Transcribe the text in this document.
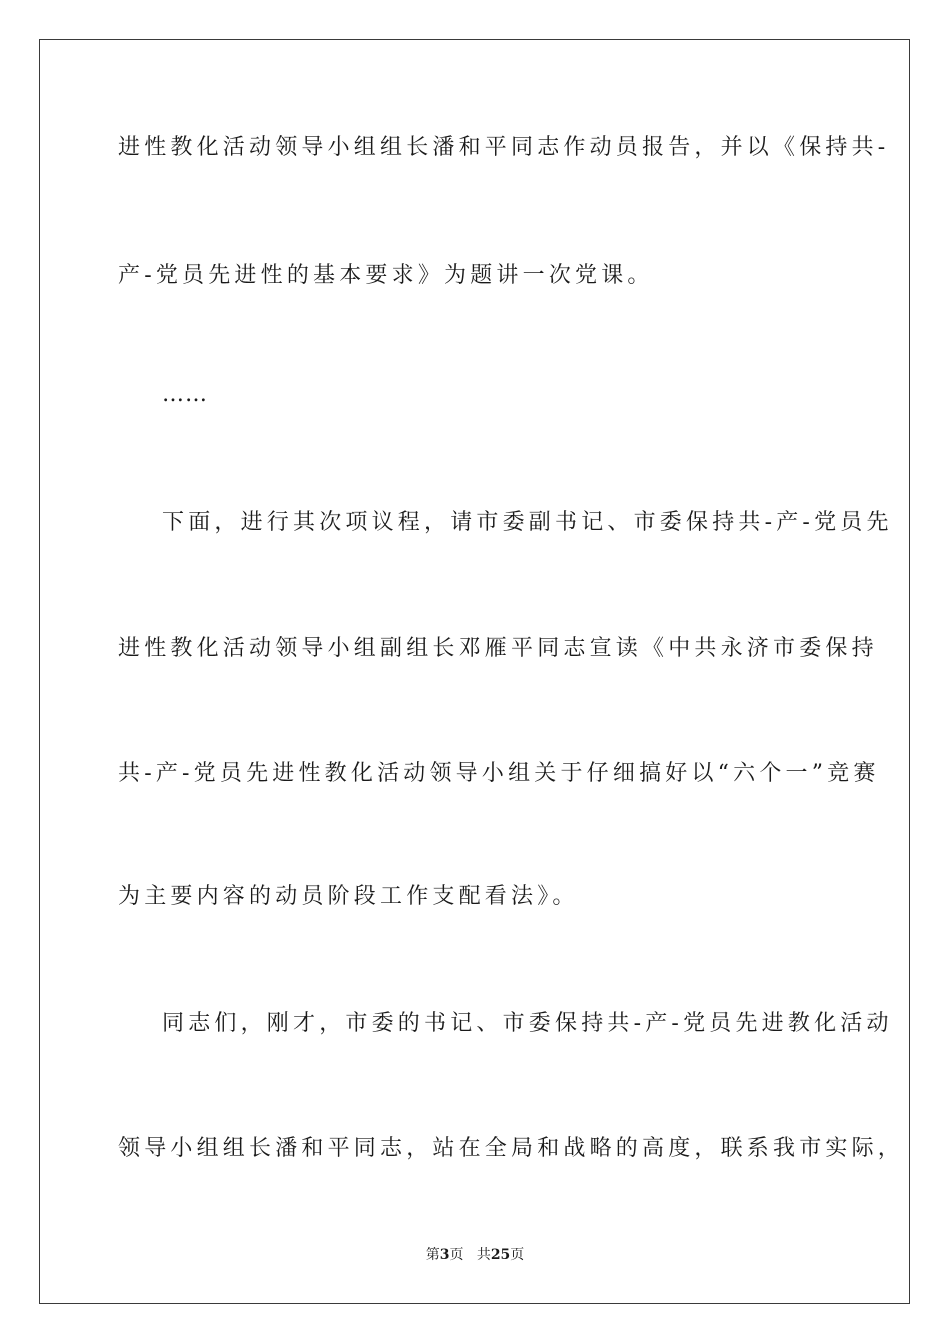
进性教化活动领导小组组长潘和平同志作动员报告，并以《保持共-
产-党员先进性的基本要求》为题讲一次党课。
……
下面，进行其次项议程，请市委副书记、市委保持共-产-党员先
进性教化活动领导小组副组长邓雁平同志宣读《中共永济市委保持
共-产-党员先进性教化活动领导小组关于仔细搞好以“六个一”竞赛
为主要内容的动员阶段工作支配看法》。
同志们，刚才，市委的书记、市委保持共-产-党员先进教化活动
领导小组组长潘和平同志，站在全局和战略的高度，联系我市实际，
第3页 共25页
